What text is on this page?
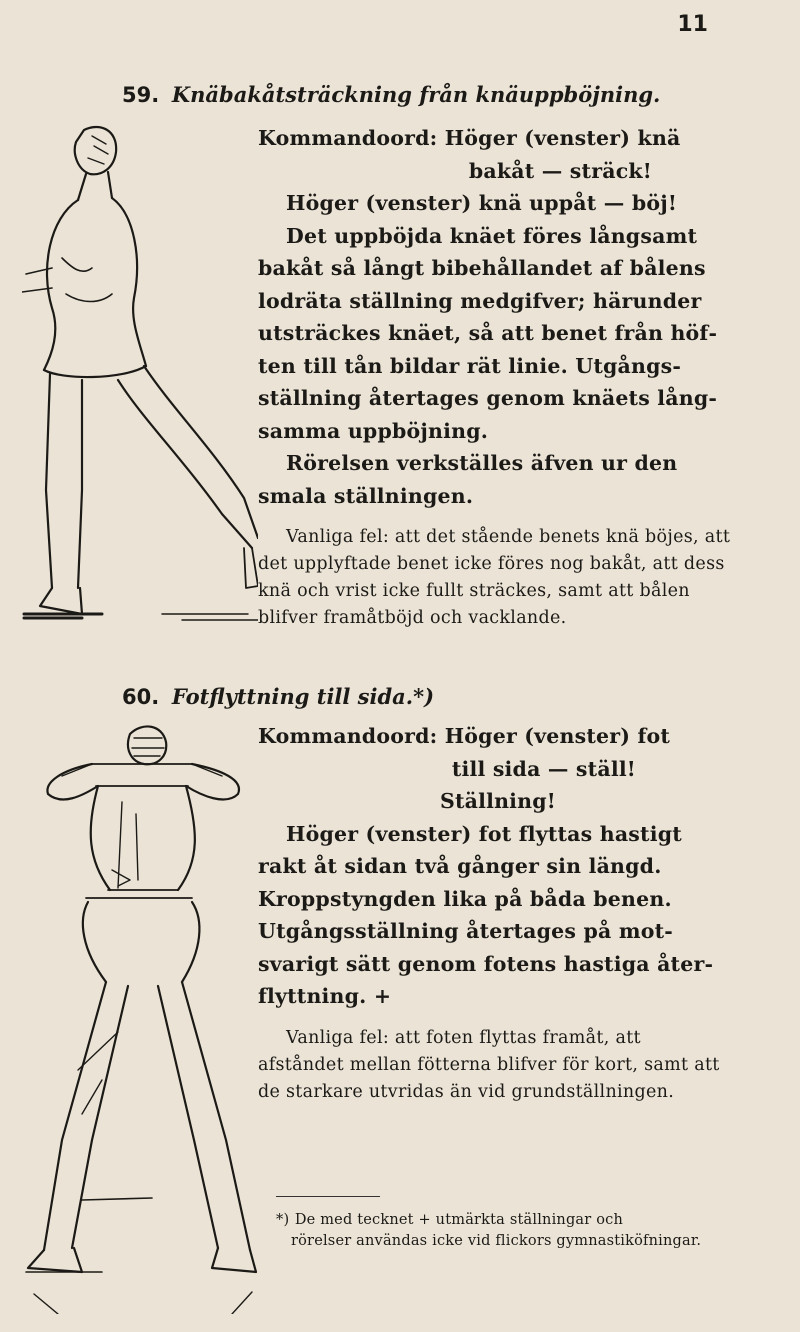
11
59. Knäbakåtsträckning från knäuppböjning.

Kommandoord: Höger (venster) knä
bakåt — sträck!

Höger (venster) knä uppåt — böj!

Det uppböjda knäet föres långsamt bakåt så långt bibehållandet af bålens lodräta ställning medgifver; härunder utsträckes knäet, så att benet från höften till tån bildar rät linie. Utgångsställning återtages genom knäets långsamma uppböjning.

Rörelsen verkställes äfven ur den smala ställningen.

Vanliga fel: att det stående benets knä böjes, att det upplyftade benet icke föres nog bakåt, att dess knä och vrist icke fullt sträckes, samt att bålen blifver framåtböjd och vacklande.

60. Fotflyttning till sida.*)

Kommandoord: Höger (venster) fot
till sida — ställ!
Ställning!

Höger (venster) fot flyttas hastigt rakt åt sidan två gånger sin längd. Kroppstyngden lika på båda benen. Utgångsställning återtages på motsvarigt sätt genom fotens hastiga återflyttning. +

Vanliga fel: att foten flyttas framåt, att afståndet mellan fötterna blifver för kort, samt att de starkare utvridas än vid grundställningen.

*) De med tecknet + utmärkta ställningar och
rörelser användas icke vid flickors gymnastiköfningar.
